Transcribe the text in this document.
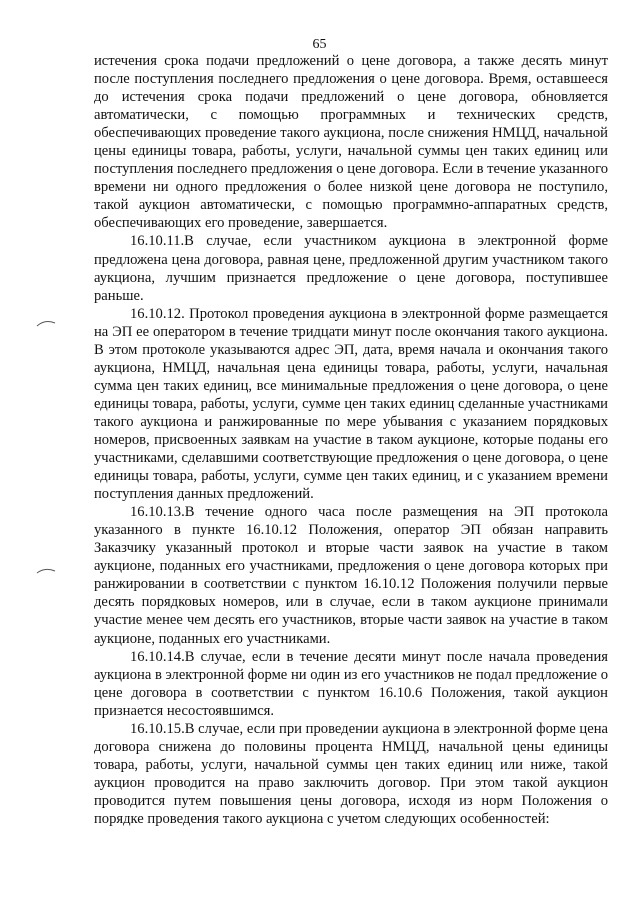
65

истечения срока подачи предложений о цене договора, а также десять минут после поступления последнего предложения о цене договора. Время, оставшееся до истечения срока подачи предложений о цене договора, обновляется автоматически, с помощью программных и технических средств, обеспечивающих проведение такого аукциона, после снижения НМЦД, начальной цены единицы товара, работы, услуги, начальной суммы цен таких единиц или поступления последнего предложения о цене договора. Если в течение указанного времени ни одного предложения о более низкой цене договора не поступило, такой аукцион автоматически, с помощью программно-аппаратных средств, обеспечивающих его проведение, завершается.

16.10.11.В случае, если участником аукциона в электронной форме предложена цена договора, равная цене, предложенной другим участником такого аукциона, лучшим признается предложение о цене договора, поступившее раньше.

16.10.12. Протокол проведения аукциона в электронной форме размещается на ЭП ее оператором в течение тридцати минут после окончания такого аукциона. В этом протоколе указываются адрес ЭП, дата, время начала и окончания такого аукциона, НМЦД, начальная цена единицы товара, работы, услуги, начальная сумма цен таких единиц, все минимальные предложения о цене договора, о цене единицы товара, работы, услуги, сумме цен таких единиц сделанные участниками такого аукциона и ранжированные по мере убывания с указанием порядковых номеров, присвоенных заявкам на участие в таком аукционе, которые поданы его участниками, сделавшими соответствующие предложения о цене договора, о цене единицы товара, работы, услуги, сумме цен таких единиц, и с указанием времени поступления данных предложений.

16.10.13.В течение одного часа после размещения на ЭП протокола указанного в пункте 16.10.12 Положения, оператор ЭП обязан направить Заказчику указанный протокол и вторые части заявок на участие в таком аукционе, поданных его участниками, предложения о цене договора которых при ранжировании в соответствии с пунктом 16.10.12 Положения получили первые десять порядковых номеров, или в случае, если в таком аукционе принимали участие менее чем десять его участников, вторые части заявок на участие в таком аукционе, поданных его участниками.

16.10.14.В случае, если в течение десяти минут после начала проведения аукциона в электронной форме ни один из его участников не подал предложение о цене договора в соответствии с пунктом 16.10.6 Положения, такой аукцион признается несостоявшимся.

16.10.15.В случае, если при проведении аукциона в электронной форме цена договора снижена до половины процента НМЦД, начальной цены единицы товара, работы, услуги, начальной суммы цен таких единиц или ниже, такой аукцион проводится на право заключить договор. При этом такой аукцион проводится путем повышения цены договора, исходя из норм Положения о порядке проведения такого аукциона с учетом следующих особенностей:
